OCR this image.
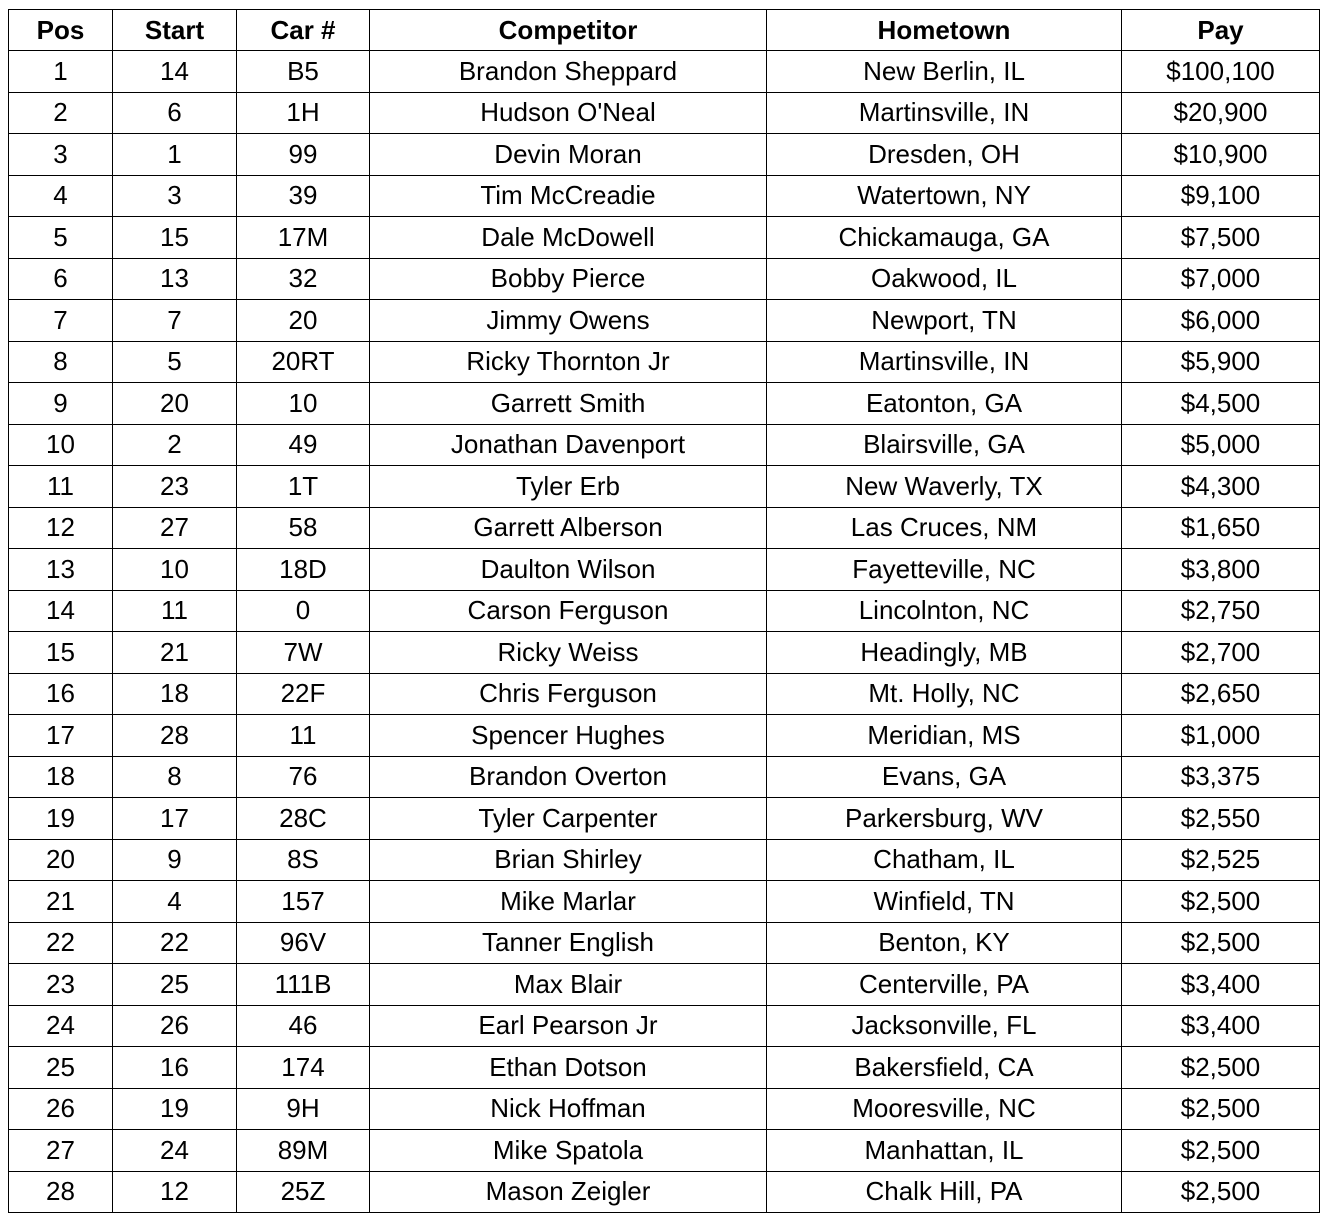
Pos	Start	Car #	Competitor	Hometown	Pay
1	14	B5	Brandon Sheppard	New Berlin, IL	$100,100
2	6	1H	Hudson O'Neal	Martinsville, IN	$20,900
3	1	99	Devin Moran	Dresden, OH	$10,900
4	3	39	Tim McCreadie	Watertown, NY	$9,100
5	15	17M	Dale McDowell	Chickamauga, GA	$7,500
6	13	32	Bobby Pierce	Oakwood, IL	$7,000
7	7	20	Jimmy Owens	Newport, TN	$6,000
8	5	20RT	Ricky Thornton Jr	Martinsville, IN	$5,900
9	20	10	Garrett Smith	Eatonton, GA	$4,500
10	2	49	Jonathan Davenport	Blairsville, GA	$5,000
11	23	1T	Tyler Erb	New Waverly, TX	$4,300
12	27	58	Garrett Alberson	Las Cruces, NM	$1,650
13	10	18D	Daulton Wilson	Fayetteville, NC	$3,800
14	11	0	Carson Ferguson	Lincolnton, NC	$2,750
15	21	7W	Ricky Weiss	Headingly, MB	$2,700
16	18	22F	Chris Ferguson	Mt. Holly, NC	$2,650
17	28	11	Spencer Hughes	Meridian, MS	$1,000
18	8	76	Brandon Overton	Evans, GA	$3,375
19	17	28C	Tyler Carpenter	Parkersburg, WV	$2,550
20	9	8S	Brian Shirley	Chatham, IL	$2,525
21	4	157	Mike Marlar	Winfield, TN	$2,500
22	22	96V	Tanner English	Benton, KY	$2,500
23	25	111B	Max Blair	Centerville, PA	$3,400
24	26	46	Earl Pearson Jr	Jacksonville, FL	$3,400
25	16	174	Ethan Dotson	Bakersfield, CA	$2,500
26	19	9H	Nick Hoffman	Mooresville, NC	$2,500
27	24	89M	Mike Spatola	Manhattan, IL	$2,500
28	12	25Z	Mason Zeigler	Chalk Hill, PA	$2,500
